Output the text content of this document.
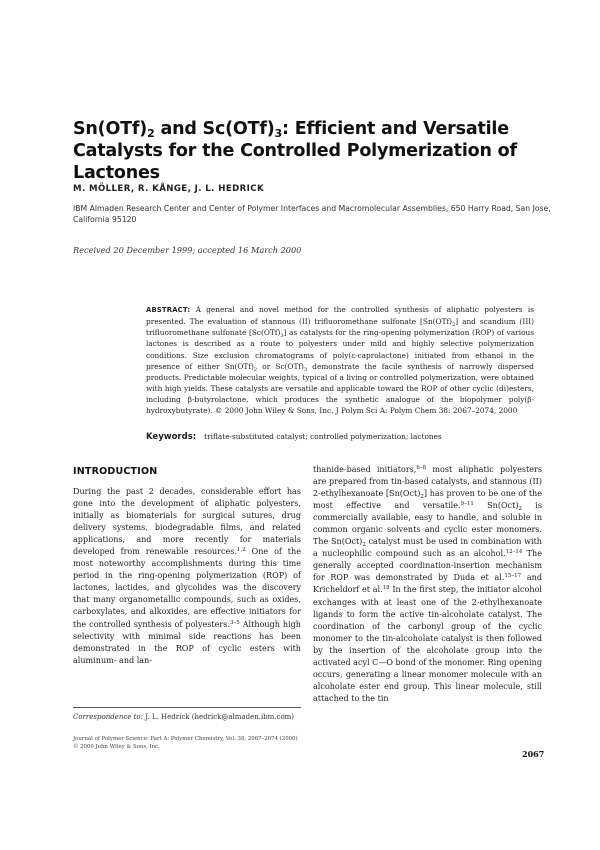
$Sn(OTf)_2$ and $Sc(OTf)_3$: Efficient and Versatile Catalysts for the Controlled Polymerization of Lactones
M. MÖLLER, R. KÅNGE, J. L. HEDRICK
IBM Almaden Research Center and Center of Polymer Interfaces and Macromolecular Assemblies, 650 Harry Road, San Jose, California 95120
Received 20 December 1999; accepted 16 March 2000
ABSTRACT: A general and novel method for the controlled synthesis of aliphatic polyesters is presented. The evaluation of stannous (II) trifluoromethane sulfonate $[Sn(OTf)_2]$ and scandium (III) trifluoromethane sulfonate $[Sc(OTf)_3]$ as catalysts for the ring-opening polymerization (ROP) of various lactones is described as a route to polyesters under mild and highly selective polymerization conditions. Size exclusion chromatograms of poly(ε-caprolactone) initiated from ethanol in the presence of either $Sn(OTf)_2$ or $Sc(OTf)_3$ demonstrate the facile synthesis of narrowly dispersed products. Predictable molecular weights, typical of a living or controlled polymerization, were obtained with high yields. These catalysts are versatile and applicable toward the ROP of other cyclic (di)esters, including β-butyrolactone, which produces the synthetic analogue of the biopolymer poly(β-hydroxybutyrate). © 2000 John Wiley & Sons, Inc. J Polym Sci A: Polym Chem 38: 2067–2074, 2000
Keywords: triflate-substituted catalyst; controlled polymerization; lactones
INTRODUCTION
During the past 2 decades, considerable effort has gone into the development of aliphatic polyesters, initially as biomaterials for surgical sutures, drug delivery systems, biodegradable films, and related applications, and more recently for materials developed from renewable resources.$^{1,2}$ One of the most noteworthy accomplishments during this time period in the ring-opening polymerization (ROP) of lactones, lactides, and glycolides was the discovery that many organometallic compounds, such as oxides, carboxylates, and alkoxides, are effective initiators for the controlled synthesis of polyesters.$^{3-5}$ Although high selectivity with minimal side reactions has been demonstrated in the ROP of cyclic esters with aluminum- and lan-
thanide-based initiators,$^{6-8}$ most aliphatic polyesters are prepared from tin-based catalysts, and stannous (II) 2-ethylhexanoate $[Sn(Oct)_2]$ has proven to be one of the most effective and versatile.$^{9-11}$ $Sn(Oct)_2$ is commercially available, easy to handle, and soluble in common organic solvents and cyclic ester monomers. The $Sn(Oct)_2$ catalyst must be used in combination with a nucleophilic compound such as an alcohol.$^{12-14}$ The generally accepted coordination-insertion mechanism for ROP was demonstrated by Duda et al.$^{15-17}$ and Kricheldorf et al.$^{18}$ In the first step, the initiator alcohol exchanges with at least one of the 2-ethylhexanoate ligands to form the active tin-alcoholate catalyst. The coordination of the carbonyl group of the cyclic monomer to the tin-alcoholate catalyst is then followed by the insertion of the alcoholate group into the activated acyl C—O bond of the monomer. Ring opening occurs, generating a linear monomer molecule with an alcoholate ester end group. This linear molecule, still attached to the tin
Correspondence to: J. L. Hedrick (hedrick@almaden.ibm.com)
Journal of Polymer Science: Part A: Polymer Chemistry, Vol. 38, 2067–2074 (2000)
© 2000 John Wiley & Sons, Inc.
2067
